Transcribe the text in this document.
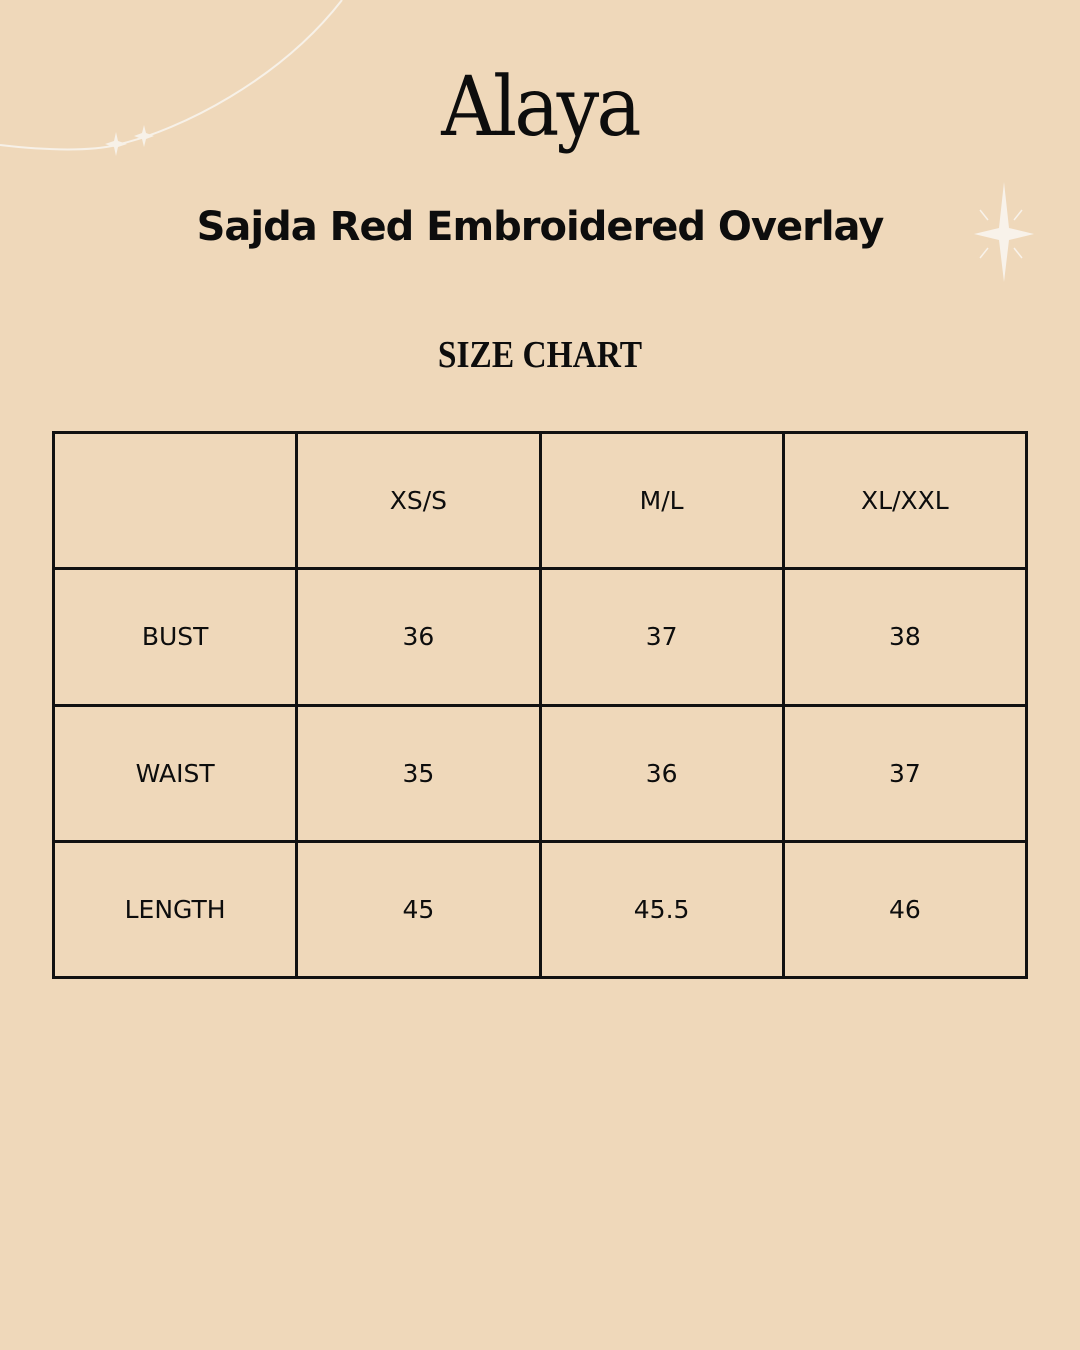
Alaya
Sajda Red Embroidered Overlay
SIZE CHART
	XS/S	M/L	XL/XXL
BUST	36	37	38
WAIST	35	36	37
LENGTH	45	45.5	46
